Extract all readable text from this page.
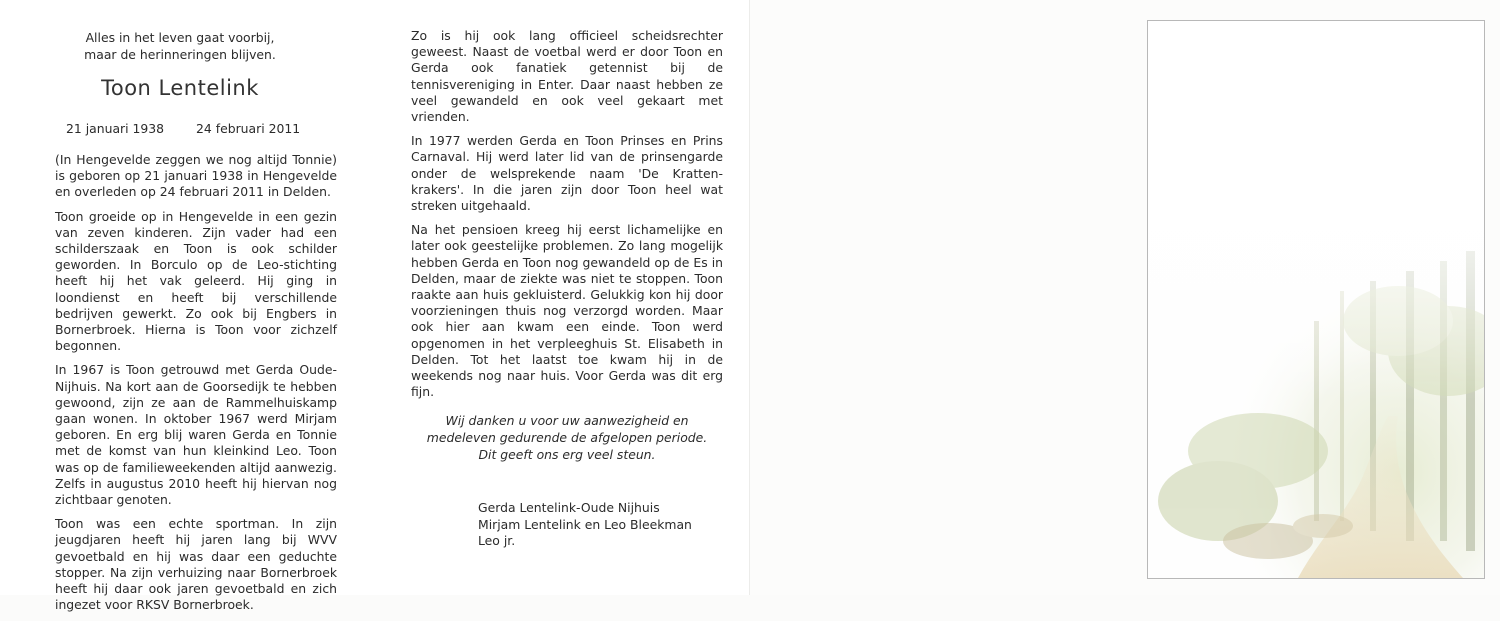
Alles in het leven gaat voorbij,
maar de herinneringen blijven.
Toon Lentelink
21 januari 1938	24 februari 2011

(In Hengevelde zeggen we nog altijd Tonnie) is geboren op 21 januari 1938 in Hengevelde en overleden op 24 februari 2011 in Delden.

Toon groeide op in Hengevelde in een gezin van zeven kinderen. Zijn vader had een schilderszaak en Toon is ook schilder geworden. In Borculo op de Leo-stichting heeft hij het vak geleerd. Hij ging in loondienst en heeft bij verschillende bedrijven gewerkt. Zo ook bij Engbers in Bornerbroek. Hierna is Toon voor zichzelf begonnen.

In 1967 is Toon getrouwd met Gerda Oude-Nijhuis. Na kort aan de Goorsedijk te hebben gewoond, zijn ze aan de Rammelhuiskamp gaan wonen. In oktober 1967 werd Mirjam geboren. En erg blij waren Gerda en Tonnie met de komst van hun kleinkind Leo. Toon was op de familieweekenden altijd aanwezig. Zelfs in augustus 2010 heeft hij hiervan nog zichtbaar genoten.

Toon was een echte sportman. In zijn jeugdjaren heeft hij jaren lang bij WVV gevoetbald en hij was daar een geduchte stopper. Na zijn verhuizing naar Bornerbroek heeft hij daar ook jaren gevoetbald en zich ingezet voor RKSV Bornerbroek.

Zo is hij ook lang officieel scheidsrechter geweest. Naast de voetbal werd er door Toon en Gerda ook fanatiek getennist bij de tennisvereniging in Enter. Daar naast hebben ze veel gewandeld en ook veel gekaart met vrienden.

In 1977 werden Gerda en Toon Prinses en Prins Carnaval. Hij werd later lid van de prinsengarde onder de welsprekende naam 'De Kratten-krakers'. In die jaren zijn door Toon heel wat streken uitgehaald.

Na het pensioen kreeg hij eerst lichamelijke en later ook geestelijke problemen. Zo lang mogelijk hebben Gerda en Toon nog gewandeld op de Es in Delden, maar de ziekte was niet te stoppen. Toon raakte aan huis gekluisterd. Gelukkig kon hij door voorzieningen thuis nog verzorgd worden. Maar ook hier aan kwam een einde. Toon werd opgenomen in het verpleeghuis St. Elisabeth in Delden. Tot het laatst toe kwam hij in de weekends nog naar huis. Voor Gerda was dit erg fijn.

Wij danken u voor uw aanwezigheid en
medeleven gedurende de afgelopen periode.
Dit geeft ons erg veel steun.
Gerda Lentelink-Oude Nijhuis
Mirjam Lentelink en Leo Bleekman
Leo jr.
